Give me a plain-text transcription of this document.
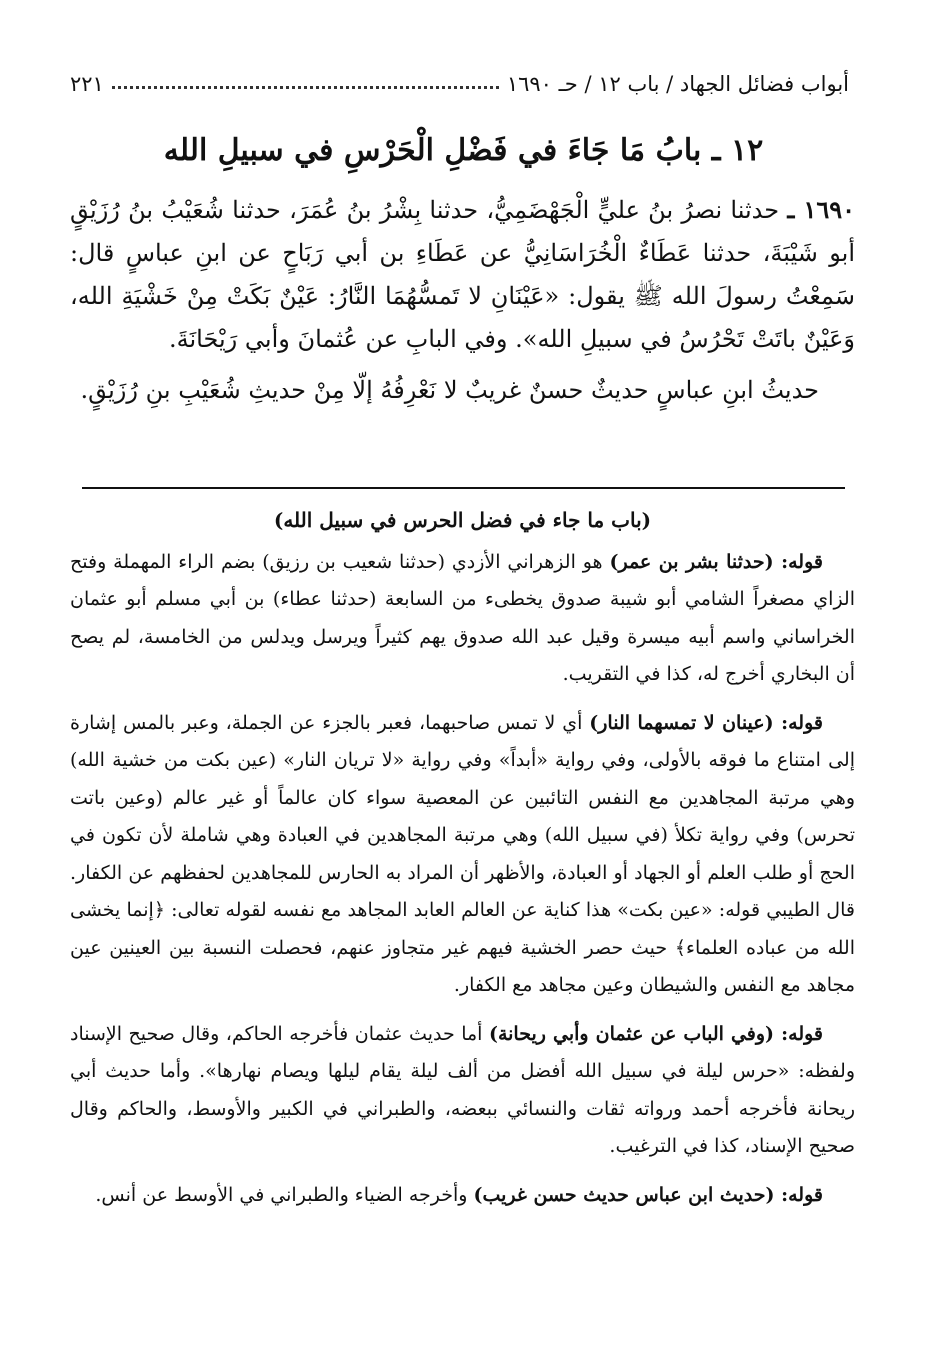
أبواب فضائل الجهاد / باب ١٢ / حـ ١٦٩٠
٢٢١
١٢ ـ بابُ مَا جَاءَ في فَضْلِ الْحَرْسِ في سبيلِ الله

١٦٩٠ ـ حدثنا نصرُ بنُ عليٍّ الْجَهْضَمِيُّ، حدثنا بِشْرُ بنُ عُمَرَ، حدثنا شُعَيْبُ بنُ رُزَيْقٍ أبو شَيْبَةَ، حدثنا عَطَاءٌ الْخُرَاسَانِيُّ عن عَطَاءِ بن أبي رَبَاحٍ عن ابنِ عباسٍ قال: سَمِعْتُ رسولَ الله ﷺ يقول: «عَيْنَانِ لا تَمسُّهُمَا النَّارُ: عَيْنٌ بَكَتْ مِنْ خَشْيَةِ الله، وَعَيْنٌ باتَتْ تَحْرُسُ في سبيلِ الله». وفي البابِ عن عُثمانَ وأبي رَيْحَانَةَ.

حديثُ ابنِ عباسٍ حديثٌ حسنٌ غريبٌ لا نَعْرِفُهُ إلّا مِنْ حديثِ شُعَيْبِ بنِ رُزَيْقٍ.

(باب ما جاء في فضل الحرس في سبيل الله)

قوله: (حدثنا بشر بن عمر) هو الزهراني الأزدي (حدثنا شعيب بن رزيق) بضم الراء المهملة وفتح الزاي مصغراً الشامي أبو شيبة صدوق يخطىء من السابعة (حدثنا عطاء) بن أبي مسلم أبو عثمان الخراساني واسم أبيه ميسرة وقيل عبد الله صدوق يهم كثيراً ويرسل ويدلس من الخامسة، لم يصح أن البخاري أخرج له، كذا في التقريب.

قوله: (عينان لا تمسهما النار) أي لا تمس صاحبهما، فعبر بالجزء عن الجملة، وعبر بالمس إشارة إلى امتناع ما فوقه بالأولى، وفي رواية «أبداً» وفي رواية «لا تريان النار» (عين بكت من خشية الله) وهي مرتبة المجاهدين مع النفس التائبين عن المعصية سواء كان عالماً أو غير عالم (وعين باتت تحرس) وفي رواية تكلأ (في سبيل الله) وهي مرتبة المجاهدين في العبادة وهي شاملة لأن تكون في الحج أو طلب العلم أو الجهاد أو العبادة، والأظهر أن المراد به الحارس للمجاهدين لحفظهم عن الكفار. قال الطيبي قوله: «عين بكت» هذا كناية عن العالم العابد المجاهد مع نفسه لقوله تعالى: ﴿إنما يخشى الله من عباده العلماء﴾ حيث حصر الخشية فيهم غير متجاوز عنهم، فحصلت النسبة بين العينين عين مجاهد مع النفس والشيطان وعين مجاهد مع الكفار.

قوله: (وفي الباب عن عثمان وأبي ريحانة) أما حديث عثمان فأخرجه الحاكم، وقال صحيح الإسناد ولفظه: «حرس ليلة في سبيل الله أفضل من ألف ليلة يقام ليلها ويصام نهارها». وأما حديث أبي ريحانة فأخرجه أحمد ورواته ثقات والنسائي ببعضه، والطبراني في الكبير والأوسط، والحاكم وقال صحيح الإسناد، كذا في الترغيب.

قوله: (حديث ابن عباس حديث حسن غريب) وأخرجه الضياء والطبراني في الأوسط عن أنس.
